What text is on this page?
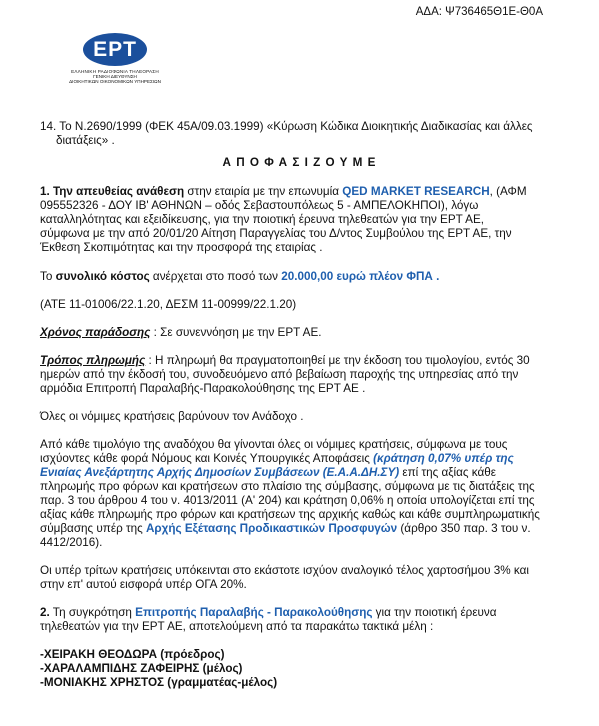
ΑΔΑ: Ψ736465Θ1Ε-Θ0Α
ΕΡΤ
ΕΛΛΗΝΙΚΗ ΡΑΔΙΟΦΩΝΙΑ ΤΗΛΕΟΡΑΣΗ
ΓΕΝΙΚΗ ΔΙΕΥΘΥΝΣΗ
ΔΙΟΙΚΗΤΙΚΩΝ ΟΙΚΟΝΟΜΙΚΩΝ ΥΠΗΡΕΣΙΩΝ
14. Το Ν.2690/1999 (ΦΕΚ 45Α/09.03.1999) «Κύρωση Κώδικα Διοικητικής Διαδικασίας και άλλες
διατάξεις» .
Α Π Ο Φ Α Σ Ι Ζ Ο Υ Μ Ε
1. Την απευθείας ανάθεση στην εταιρία με την επωνυμία QED MARKET RESEARCH, (ΑΦΜ
095552326 - ΔΟΥ ΙΒ' ΑΘΗΝΩΝ – οδός Σεβαστουπόλεως 5 - ΑΜΠΕΛΟΚΗΠΟΙ), λόγω
καταλληλότητας και εξειδίκευσης, για την ποιοτική έρευνα τηλεθεατών για την ΕΡΤ ΑΕ,
σύμφωνα με την από 20/01/20 Αίτηση Παραγγελίας του Δ/ντος Συμβούλου της ΕΡΤ ΑΕ, την
Έκθεση Σκοπιμότητας και την προσφορά της εταιρίας .
Το συνολικό κόστος ανέρχεται στο ποσό των 20.000,00 ευρώ πλέον ΦΠΑ .
(ΑΤΕ 11-01006/22.1.20, ΔΕΣΜ 11-00999/22.1.20)
Χρόνος παράδοσης : Σε συνεννόηση με την ΕΡΤ ΑΕ.
Τρόπος πληρωμής : Η πληρωμή θα πραγματοποιηθεί με την έκδοση του τιμολογίου, εντός 30
ημερών από την έκδοσή του, συνοδευόμενο από βεβαίωση παροχής της υπηρεσίας από την
αρμόδια Επιτροπή Παραλαβής-Παρακολούθησης της ΕΡΤ ΑΕ .
Όλες οι νόμιμες κρατήσεις βαρύνουν τον Ανάδοχο .
Από κάθε τιμολόγιο της αναδόχου θα γίνονται όλες οι νόμιμες κρατήσεις, σύμφωνα με τους
ισχύοντες κάθε φορά Νόμους και Κοινές Υπουργικές Αποφάσεις (κράτηση 0,07% υπέρ της
Ενιαίας Ανεξάρτητης Αρχής Δημοσίων Συμβάσεων (Ε.Α.Α.ΔΗ.ΣΥ) επί της αξίας κάθε
πληρωμής προ φόρων και κρατήσεων στο πλαίσιο της σύμβασης, σύμφωνα με τις διατάξεις της
παρ. 3 του άρθρου 4 του ν. 4013/2011 (Α' 204) και κράτηση 0,06% η οποία υπολογίζεται επί της
αξίας κάθε πληρωμής προ φόρων και κρατήσεων της αρχικής καθώς και κάθε συμπληρωματικής
σύμβασης υπέρ της Αρχής Εξέτασης Προδικαστικών Προσφυγών (άρθρο 350 παρ. 3 του ν.
4412/2016).
Οι υπέρ τρίτων κρατήσεις υπόκεινται στο εκάστοτε ισχύον αναλογικό τέλος χαρτοσήμου 3% και
στην επ' αυτού εισφορά υπέρ ΟΓΑ 20%.
2. Τη συγκρότηση Επιτροπής Παραλαβής - Παρακολούθησης για την ποιοτική έρευνα
τηλεθεατών για την ΕΡΤ ΑΕ, αποτελούμενη από τα παρακάτω τακτικά μέλη :
-ΧΕΙΡΑΚΗ ΘΕΟΔΩΡΑ (πρόεδρος)
-ΧΑΡΑΛΑΜΠΙΔΗΣ ΖΑΦΕΙΡΗΣ (μέλος)
-ΜΟΝΙΑΚΗΣ ΧΡΗΣΤΟΣ (γραμματέας-μέλος)
